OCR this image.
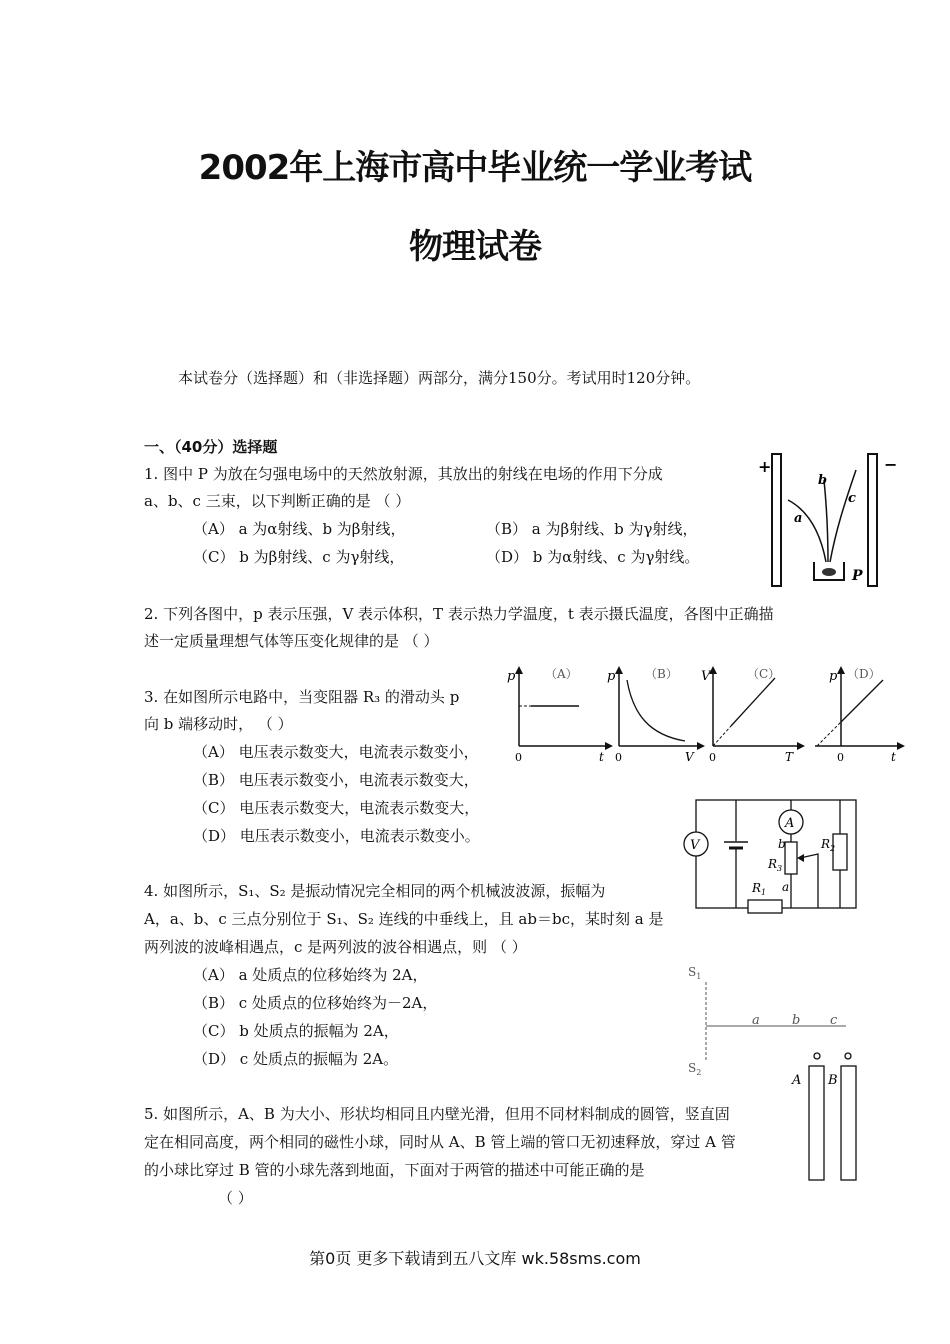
2002年上海市高中毕业统一学业考试
物理试卷
本试卷分（选择题）和（非选择题）两部分，满分150分。考试用时120分钟。
一、（40分）选择题
1. 图中 P 为放在匀强电场中的天然放射源，其放出的射线在电场的作用下分成
a、b、c 三束，以下判断正确的是 （ ）
（A） a 为α射线、b 为β射线，	（B） a 为β射线、b 为γ射线，
（C） b 为β射线、c 为γ射线，	（D） b 为α射线、c 为γ射线。
+	−
a
b
c
P
2. 下列各图中，p 表示压强，V 表示体积，T 表示热力学温度，t 表示摄氏温度，各图中正确描
述一定质量理想气体等压变化规律的是 （ ）
p （A）
0	t
p （B）
0	V
V	（C）
0	T
p （D）
0	t
3. 在如图所示电路中，当变阻器 R₃ 的滑动头 p
向 b 端移动时， （ ）
（A） 电压表示数变大，电流表示数变小，
（B） 电压表示数变小，电流表示数变大，
（C） 电压表示数变大，电流表示数变大，
（D） 电压表示数变小，电流表示数变小。
V
A
b
a
$R_3$
$R_2$
$R_1$
4. 如图所示，S₁、S₂ 是振动情况完全相同的两个机械波波源，振幅为
A，a、b、c 三点分别位于 S₁、S₂ 连线的中垂线上，且 ab＝bc，某时刻 a 是
两列波的波峰相遇点，c 是两列波的波谷相遇点，则 （ ）
（A） a 处质点的位移始终为 2A，
（B） c 处质点的位移始终为－2A，
（C） b 处质点的振幅为 2A，
（D） c 处质点的振幅为 2A。
$S_1$
$S_2$
a b c
5. 如图所示，A、B 为大小、形状均相同且内壁光滑，但用不同材料制成的圆管，竖直固
定在相同高度，两个相同的磁性小球，同时从 A、B 管上端的管口无初速释放，穿过 A 管
的小球比穿过 B 管的小球先落到地面，下面对于两管的描述中可能正确的是
（ ）
A B
第0页 更多下载请到五八文库 wk.58sms.com
